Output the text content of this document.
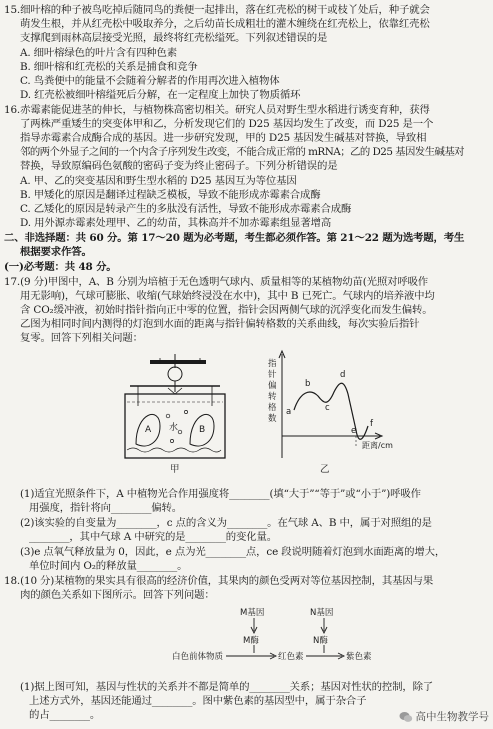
15.细叶榕的种子被鸟吃掉后随同鸟的粪便一起排出，落在红壳松的树干或枝丫处后，种子就会
萌发生根，并从红壳松中吸取养分，之后幼苗长成粗壮的灌木缠绕在红壳松上，依靠红壳松
支撑爬到雨林高层接受光照，最终将红壳松缢死。下列叙述错误的是
A. 细叶榕绿色的叶片含有四种色素
B. 细叶榕和红壳松的关系是捕食和竞争
C. 鸟粪便中的能量不会随着分解者的作用再次进入植物体
D. 红壳松被细叶榕缢死后分解，在一定程度上加快了物质循环
16.赤霉素能促进茎的伸长，与植物株高密切相关。研究人员对野生型水稻进行诱变育种，获得
了两株严重矮生的突变体甲和乙，分析发现它们的 D25 基因均发生了改变，而 D25 是一个
指导赤霉素合成酶合成的基因。进一步研究发现，甲的 D25 基因发生碱基对替换，导致相
邻的两个外显子之间的一个内含子序列发生改变，不能合成正常的 mRNA；乙的 D25 基因发生碱基对
替换，导致原编码色氨酸的密码子变为终止密码子。下列分析错误的是
A. 甲、乙的突变基因和野生型水稻的 D25 基因互为等位基因
B. 甲矮化的原因是翻译过程缺乏模板，导致不能形成赤霉素合成酶
C. 乙矮化的原因是转录产生的多肽没有活性，导致不能形成赤霉素合成酶
D. 用外源赤霉素处理甲、乙的幼苗，其株高并不加赤霉素组显著增高
二、非选择题：共 60 分。第 17～20 题为必考题，考生都必须作答。第 21～22 题为选考题，考生
根据要求作答。
(一)必考题：共 48 分。
17.(9 分)甲图中，A、B 分别为培植于无色透明气球内、质量相等的某植物幼苗(光照对呼吸作
用无影响)，气球可膨胀、收缩(气球始终浸没在水中)，其中 B 已死亡。气球内的培养液中均
含 CO₂缓冲液，初始时指针指向正中零的位置，指针会因两侧气球的沉浮变化而发生偏转。
乙图为相同时间内测得的灯泡到水面的距离与指针偏转格数的关系曲线，每次实验后指针
复零。回答下列相关问题：
A	B
水
甲
指
针
偏
转
格
数
a
b
c
d
e
f
距离/cm
乙
(1)适宜光照条件下，A 中植物光合作用强度将________(填“大于”“等于”或“小于”)呼吸作
用强度，指针将向________偏转。
(2)该实验的自变量为________，c 点的含义为________。在气球 A、B 中，属于对照组的是
________，其中气球 A 中研究的是________的变化量。
(3)e 点氧气释放量为 0，因此，e 点为光________点，ce 段说明随着灯泡到水面距离的增大，
单位时间内 O₂的释放量________。
18.(10 分)某植物的果实具有很高的经济价值，其果肉的颜色受两对等位基因控制，其基因与果
肉的颜色关系如下图所示。回答下列问题：
M基因	N基因
M酶	N酶
白色前体物质	红色素	紫色素
(1)据上图可知，基因与性状的关系并不都是简单的________关系；基因对性状的控制，除了
上述方式外，基因还能通过________。图中紫色素的基因型中，属于杂合子
的占________。	高中生物教学号
